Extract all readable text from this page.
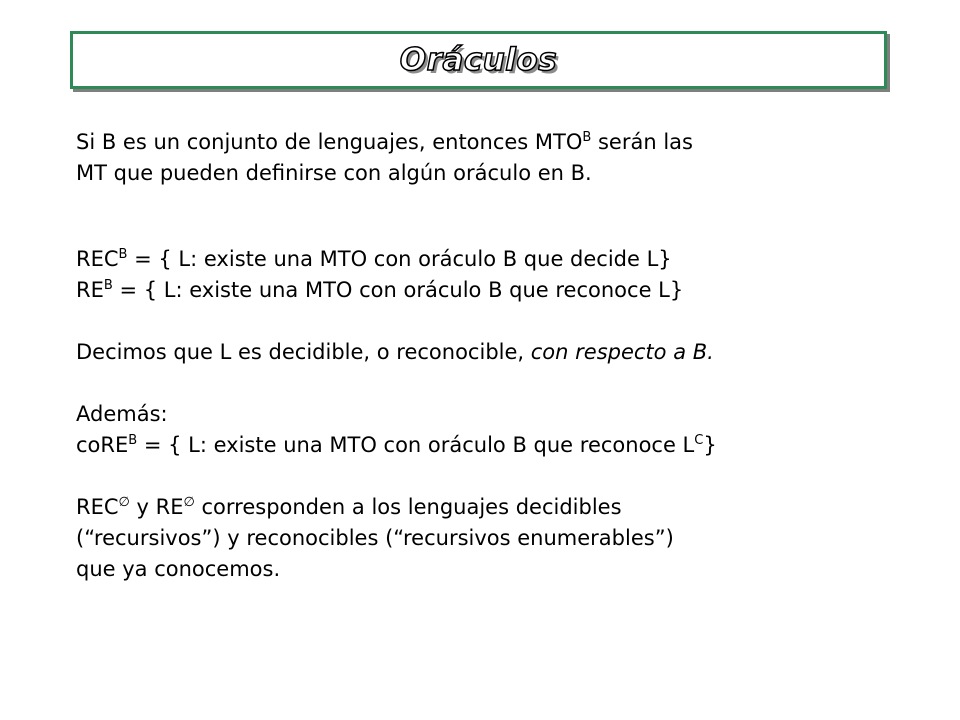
Oráculos
Si B es un conjunto de lenguajes, entonces $MTO^B$ serán las
MT que pueden definirse con algún oráculo en B.
$REC^B$ = { L: existe una MTO con oráculo B que decide L}
$RE^B$ = { L: existe una MTO con oráculo B que reconoce L}
Decimos que L es decidible, o reconocible, con respecto a B.
Además:
coRE$^B$ = { L: existe una MTO con oráculo B que reconoce $L^C$}
REC∅ y RE∅ corresponden a los lenguajes decidibles
(“recursivos”) y reconocibles (“recursivos enumerables”)
que ya conocemos.
